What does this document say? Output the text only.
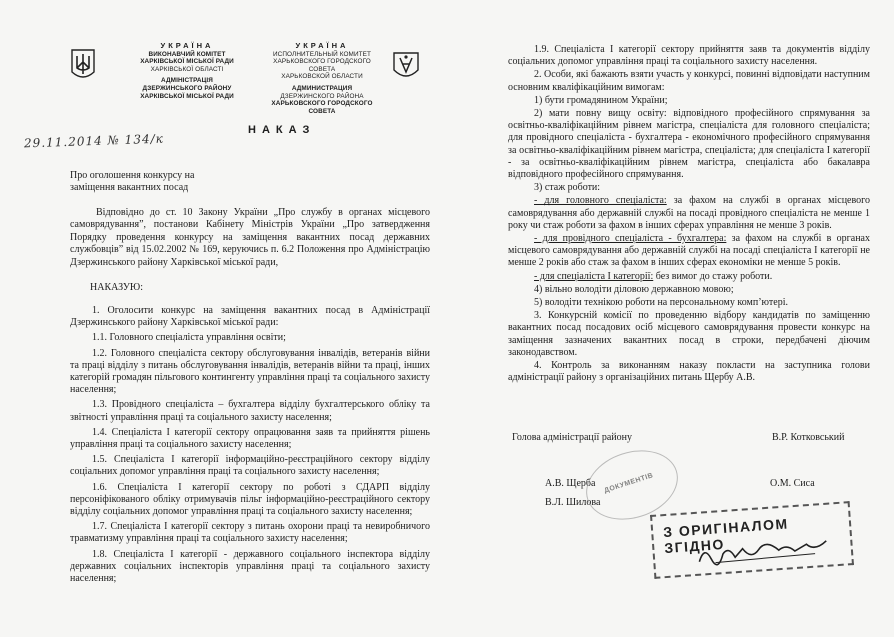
УКРАЇНА
ВИКОНАВЧИЙ КОМІТЕТ
ХАРКІВСЬКОЇ МІСЬКОЇ РАДИ
ХАРКІВСЬКОЇ ОБЛАСТІ
АДМІНІСТРАЦІЯ
ДЗЕРЖИНСЬКОГО РАЙОНУ
ХАРКІВСЬКОЇ МІСЬКОЇ РАДИ
УКРАЇНА
ИСПОЛНИТЕЛЬНЫЙ КОМИТЕТ
ХАРЬКОВСКОГО ГОРОДСКОГО СОВЕТА
ХАРЬКОВСКОЙ ОБЛАСТИ
АДМИНИСТРАЦИЯ
ДЗЕРЖИНСКОГО РАЙОНА
ХАРЬКОВСКОГО ГОРОДСКОГО СОВЕТА
НАКАЗ
29.11.2014 № 134/к
Про оголошення конкурсу на
заміщення вакантних посад
Відповідно до ст. 10 Закону України „Про службу в органах місцевого самоврядування”, постанови Кабінету Міністрів України „Про затвердження Порядку проведення конкурсу на заміщення вакантних посад державних службовців” від 15.02.2002 № 169, керуючись п. 6.2 Положення про Адміністрацію Дзержинського району Харківської міської ради,
НАКАЗУЮ:

1. Оголосити конкурс на заміщення вакантних посад в Адміністрації Дзержинського району Харківської міської ради:

1.1. Головного спеціаліста управління освіти;

1.2. Головного спеціаліста сектору обслуговування інвалідів, ветеранів війни та праці відділу з питань обслуговування інвалідів, ветеранів війни та праці, інших категорій громадян пільгового контингенту управління праці та соціального захисту населення;

1.3. Провідного спеціаліста – бухгалтера відділу бухгалтерського обліку та звітності управління праці та соціального захисту населення;

1.4. Спеціаліста I категорії сектору опрацювання заяв та прийняття рішень управління праці та соціального захисту населення;

1.5. Спеціаліста I категорії інформаційно-реєстраційного сектору відділу соціальних допомог управління праці та соціального захисту населення;

1.6. Спеціаліста I категорії сектору по роботі з СДАРП відділу персоніфікованого обліку отримувачів пільг інформаційно-реєстраційного сектору відділу соціальних допомог управління праці та соціального захисту населення;

1.7. Спеціаліста I категорії сектору з питань охорони праці та невиробничого травматизму управління праці та соціального захисту населення;

1.8. Спеціаліста I категорії - державного соціального інспектора відділу державних соціальних інспекторів управління праці та соціального захисту населення;

1.9. Спеціаліста I категорії сектору прийняття заяв та документів відділу соціальних допомог управління праці та соціального захисту населення.

2. Особи, які бажають взяти участь у конкурсі, повинні відповідати наступним основним кваліфікаційним вимогам:

1) бути громадянином України;

2) мати повну вищу освіту: відповідного професійного спрямування за освітньо-кваліфікаційним рівнем магістра, спеціаліста для головного спеціаліста; для провідного спеціаліста - бухгалтера - економічного професійного спрямування за освітньо-кваліфікаційним рівнем магістра, спеціаліста; для спеціаліста I категорії - за освітньо-кваліфікаційним рівнем магістра, спеціаліста або бакалавра відповідного професійного спрямування.

3) стаж роботи:

- для головного спеціаліста: за фахом на службі в органах місцевого самоврядування або державній службі на посаді провідного спеціаліста не менше 1 року чи стаж роботи за фахом в інших сферах управління не менше 3 років.

- для провідного спеціаліста - бухгалтера: за фахом на службі в органах місцевого самоврядування або державній службі на посаді спеціаліста I категорії не менше 2 років або стаж за фахом в інших сферах економіки не менше 5 років.

- для спеціаліста I категорії: без вимог до стажу роботи.

4) вільно володіти діловою державною мовою;

5) володіти технікою роботи на персональному комп’ютері.

3. Конкурсній комісії по проведенню відбору кандидатів по заміщенню вакантних посад посадових осіб місцевого самоврядування провести конкурс на заміщення зазначених вакантних посад в строки, передбачені діючим законодавством.

4. Контроль за виконанням наказу покласти на заступника голови адміністрації району з організаційних питань Щербу А.В.

Голова адміністрації району	В.Р. Котковський
А.В. Щерба
В.Л. Шилова
О.М. Сиса
ДОКУМЕНТІВ
З ОРИГІНАЛОМ ЗГІДНО
